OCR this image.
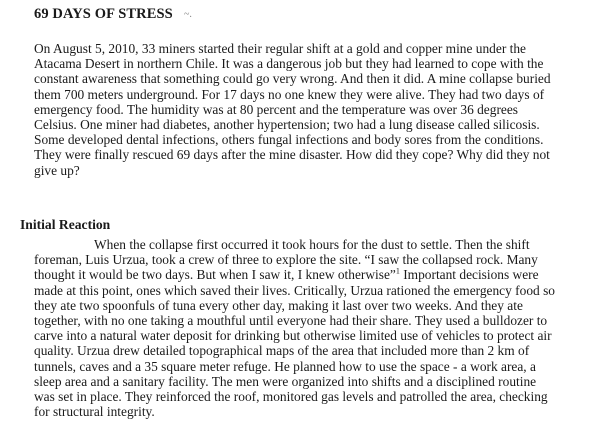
69 DAYS OF STRESS ~.
On August 5, 2010, 33 miners started their regular shift at a gold and copper mine under the
Atacama Desert in northern Chile. It was a dangerous job but they had learned to cope with the
constant awareness that something could go very wrong. And then it did. A mine collapse buried
them 700 meters underground. For 17 days no one knew they were alive. They had two days of
emergency food. The humidity was at 80 percent and the temperature was over 36 degrees
Celsius. One miner had diabetes, another hypertension; two had a lung disease called silicosis.
Some developed dental infections, others fungal infections and body sores from the conditions.
They were finally rescued 69 days after the mine disaster. How did they cope? Why did they not
give up?
Initial Reaction
When the collapse first occurred it took hours for the dust to settle. Then the shift
foreman, Luis Urzua, took a crew of three to explore the site. “I saw the collapsed rock. Many
thought it would be two days. But when I saw it, I knew otherwise”$^1$ Important decisions were
made at this point, ones which saved their lives. Critically, Urzua rationed the emergency food so
they ate two spoonfuls of tuna every other day, making it last over two weeks. And they ate
together, with no one taking a mouthful until everyone had their share. They used a bulldozer to
carve into a natural water deposit for drinking but otherwise limited use of vehicles to protect air
quality. Urzua drew detailed topographical maps of the area that included more than 2 km of
tunnels, caves and a 35 square meter refuge. He planned how to use the space - a work area, a
sleep area and a sanitary facility. The men were organized into shifts and a disciplined routine
was set in place. They reinforced the roof, monitored gas levels and patrolled the area, checking
for structural integrity.
